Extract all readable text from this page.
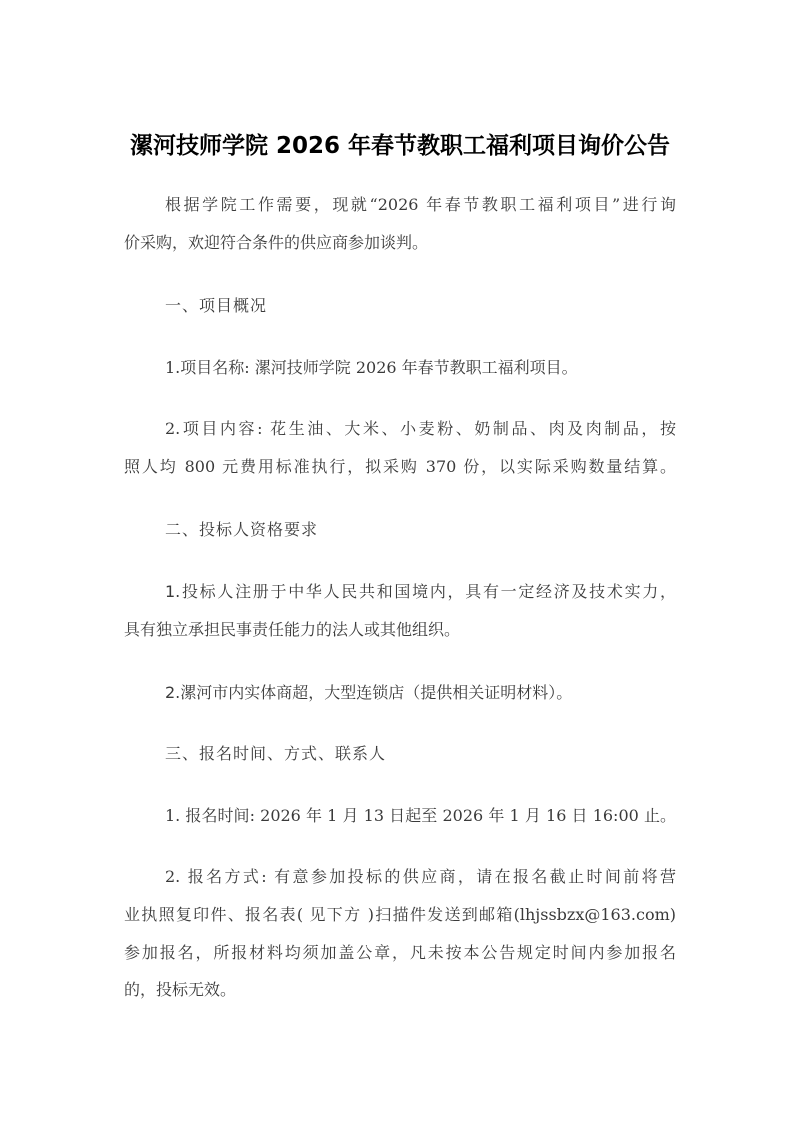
漯河技师学院 2026 年春节教职工福利项目询价公告
根据学院工作需要，现就“2026 年春节教职工福利项目”进行询
价采购，欢迎符合条件的供应商参加谈判。
一、项目概况
1.项目名称: 漯河技师学院 2026 年春节教职工福利项目。
2.项目内容: 花生油、大米、小麦粉、奶制品、肉及肉制品，按
照人均 800 元费用标准执行，拟采购 370 份，以实际采购数量结算。
二、投标人资格要求
1.投标人注册于中华人民共和国境内，具有一定经济及技术实力，
具有独立承担民事责任能力的法人或其他组织。
2.漯河市内实体商超，大型连锁店（提供相关证明材料）。
三、报名时间、方式、联系人
1. 报名时间: 2026 年 1 月 13 日起至 2026 年 1 月 16 日 16:00 止。
2. 报名方式: 有意参加投标的供应商，请在报名截止时间前将营
业执照复印件、报名表( 见下方 )扫描件发送到邮箱(lhjssbzx@163.com)
参加报名，所报材料均须加盖公章，凡未按本公告规定时间内参加报名
的，投标无效。
